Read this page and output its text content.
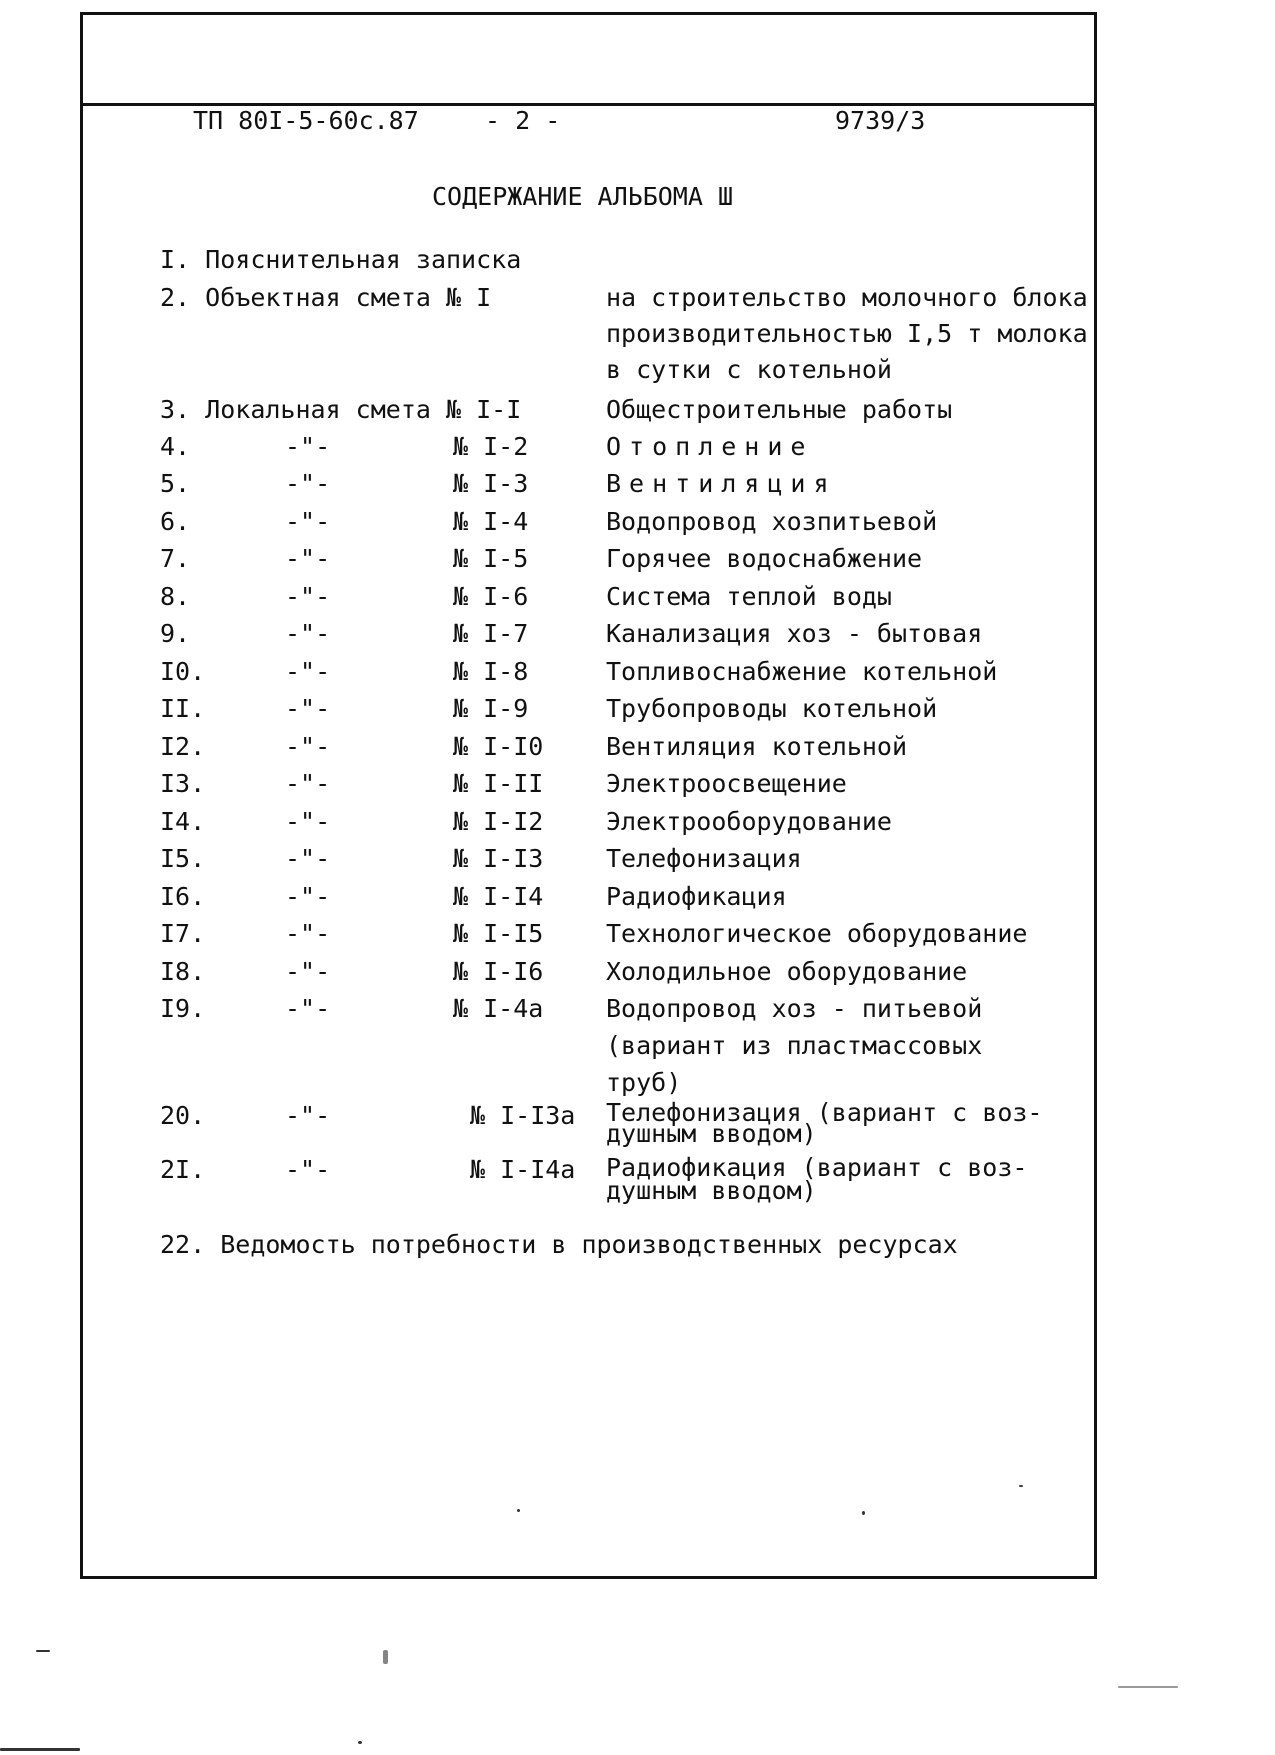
ТП 80I-5-60с.87	- 2 -	9739/3
СОДЕРЖАНИЕ АЛЬБОМА Ш
I. Пояснительная записка
2. Объектная смета № I	на строительство молочного блока
производительностью I,5 т молока
в сутки с котельной
3. Локальная смета № I-I	Общестроительные работы
4.	-"-	№ I-2	Отопление
5.	-"-	№ I-3	Вентиляция
6.	-"-	№ I-4	Водопровод хозпитьевой
7.	-"-	№ I-5	Горячее водоснабжение
8.	-"-	№ I-6	Система теплой воды
9.	-"-	№ I-7	Канализация хоз - бытовая
I0.	-"-	№ I-8	Топливоснабжение котельной
II.	-"-	№ I-9	Трубопроводы котельной
I2.	-"-	№ I-I0	Вентиляция котельной
I3.	-"-	№ I-II	Электроосвещение
I4.	-"-	№ I-I2	Электрооборудование
I5.	-"-	№ I-I3	Телефонизация
I6.	-"-	№ I-I4	Радиофикация
I7.	-"-	№ I-I5	Технологическое оборудование
I8.	-"-	№ I-I6	Холодильное оборудование
I9.	-"-	№ I-4а	Водопровод хоз - питьевой
(вариант из пластмассовых
труб)
20.	-"-	№ I-I3а Телефонизация (вариант с воз-
душным вводом)
2I.	-"-	№ I-I4а Радиофикация (вариант с воз-
душным вводом)
22. Ведомость потребности в производственных ресурсах
